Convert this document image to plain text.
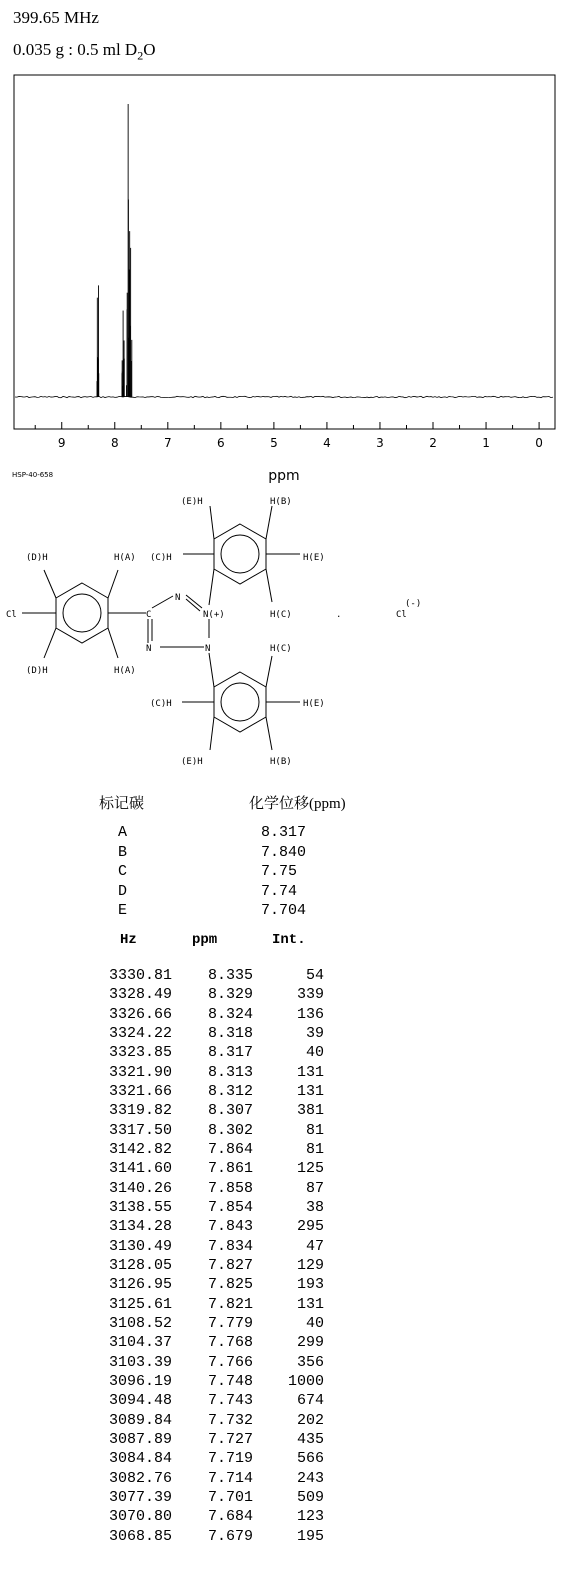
399.65 MHz
0.035 g : 0.5 ml $D_2O$
9	8	7	6	5	4	3	2	1	0
ppm
HSP-40-658
(E)H	H(B)
(D)H	H(A) (C)H	H(E)
Cl	C
N
N(+)	H(C)	.	Cl
(-)
(D)H	H(A)
N	N	H(C)
(C)H	H(E)
(E)H	H(B)
标记碳	化学位移(ppm)
A	8.317
B	7.840
C	7.75
D	7.74
E	7.704
Hz	ppm	Int.
3330.81	8.335	54
3328.49	8.329	339
3326.66	8.324	136
3324.22	8.318	39
3323.85	8.317	40
3321.90	8.313	131
3321.66	8.312	131
3319.82	8.307	381
3317.50	8.302	81
3142.82	7.864	81
3141.60	7.861	125
3140.26	7.858	87
3138.55	7.854	38
3134.28	7.843	295
3130.49	7.834	47
3128.05	7.827	129
3126.95	7.825	193
3125.61	7.821	131
3108.52	7.779	40
3104.37	7.768	299
3103.39	7.766	356
3096.19	7.748	1000
3094.48	7.743	674
3089.84	7.732	202
3087.89	7.727	435
3084.84	7.719	566
3082.76	7.714	243
3077.39	7.701	509
3070.80	7.684	123
3068.85	7.679	195
